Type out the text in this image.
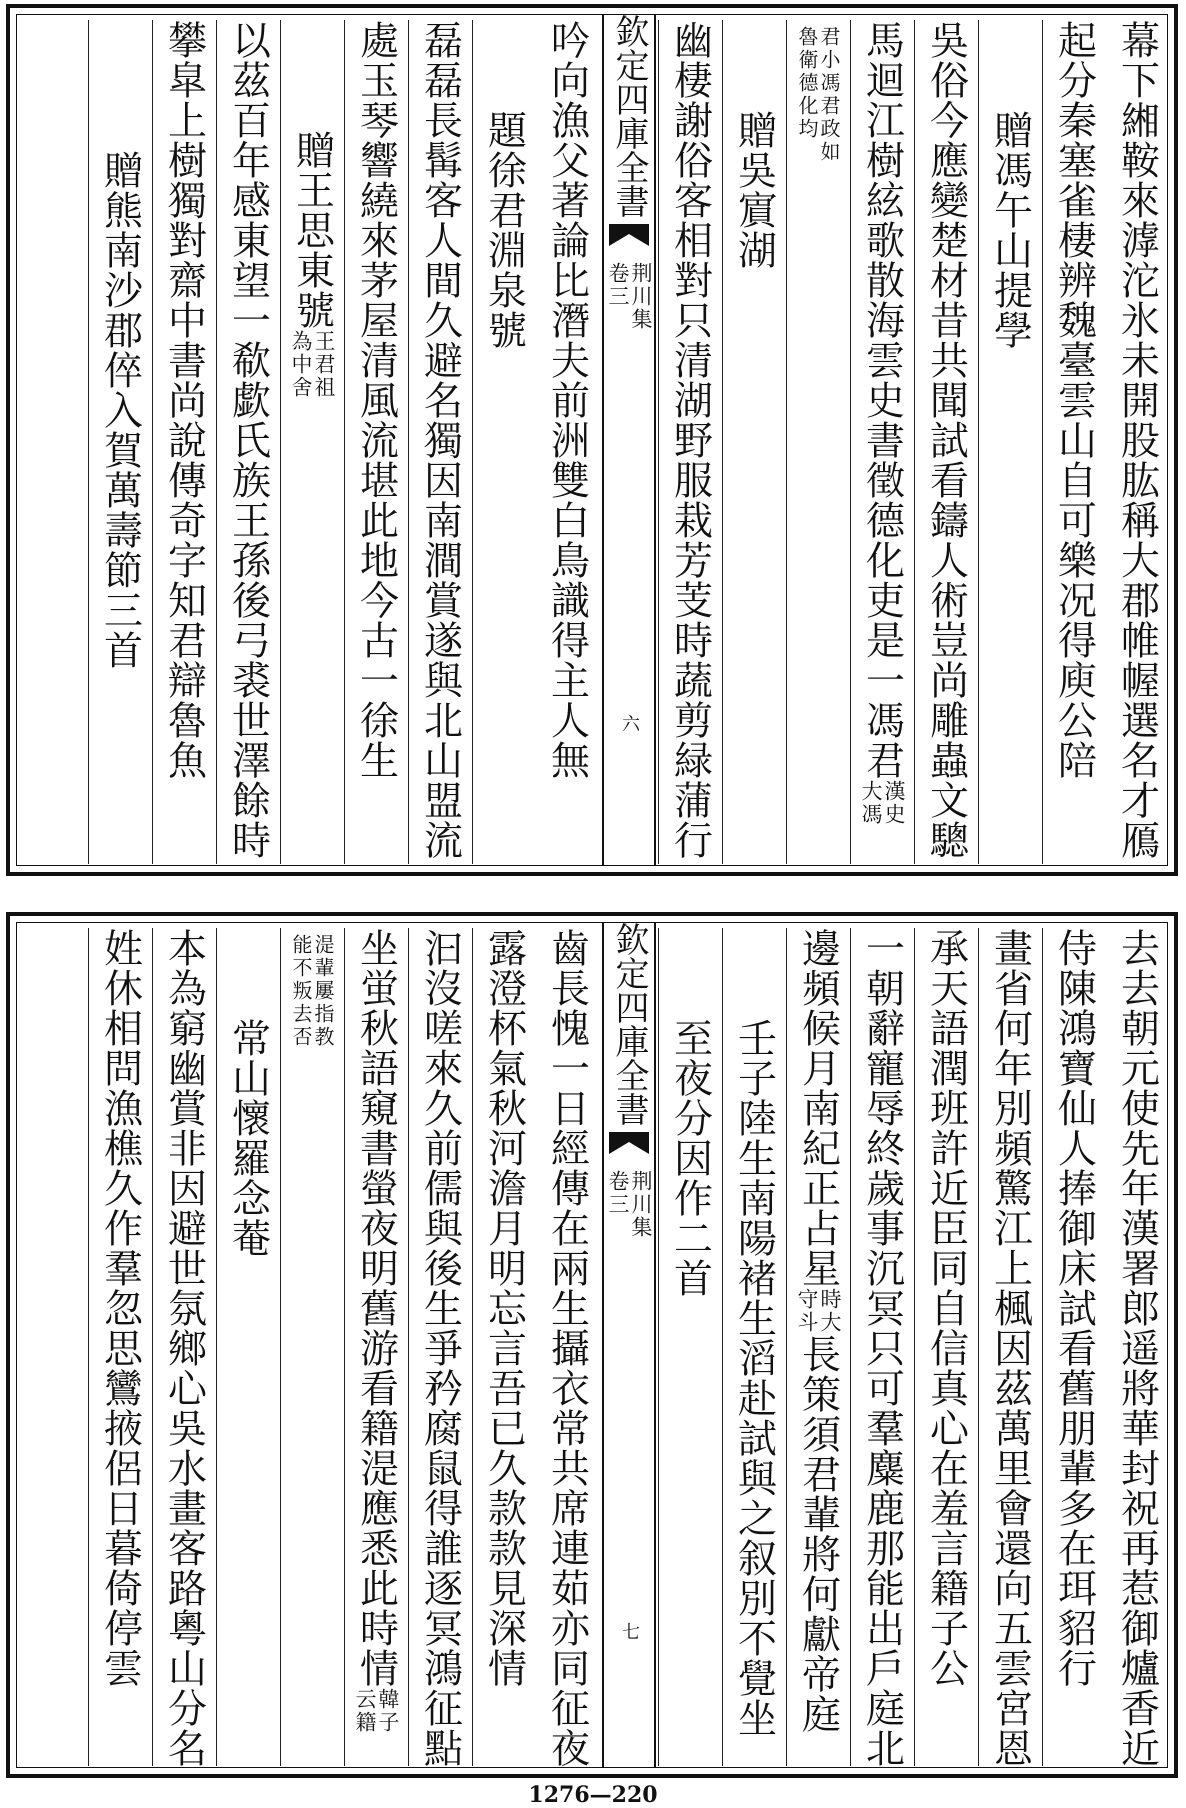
幕下緗鞍來滹沱氷未開股肱稱大郡帷幄選名才鴈
起分秦塞雀棲辨魏臺雲山自可樂况得庾公陪
贈馮午山提學
吳俗今應變楚材昔共聞試看鑄人術豈尚雕蟲文驄
馬迴江樹絃歌散海雲史書徵德化吏是一馮君
漢史
大馮
君小馮君政如
魯衛德化均
贈吳賔湖
幽棲謝俗客相對只清湖野服栽芳芰時蔬剪緑蒲行
欽定四庫全書
荆川集
卷三
六
吟向漁父著論比潛夫前洲雙白鳥識得主人無
題徐君淵泉號
磊磊長髯客人間久避名獨因南澗賞遂與北山盟流
處玉琴響繞來茅屋清風流堪此地今古一徐生
贈王思東號
王君祖
為中舍
以茲百年感東望一欷歔氏族王孫後弓裘世澤餘時
攀皐上樹獨對齋中書尚說傳奇字知君辯魯魚
贈熊南沙郡倅入賀萬壽節三首
去去朝元使先年漢署郎遥將華封祝再惹御爐香近
侍陳鴻寶仙人捧御床試看舊朋輩多在珥貂行
畫省何年別頻驚江上楓因茲萬里會還向五雲宮恩
承天語潤班許近臣同自信真心在羞言籍子公
一朝辭寵辱終歲事沉冥只可羣麋鹿那能出戶庭北
邊頻候月南紀正占星
時大
守斗
長策須君輩將何獻帝庭
壬子陸生南陽褚生滔赴試與之叙別不覺坐
至夜分因作二首
欽定四庫全書
荆川集
卷三
七
齒長愧一日經傳在兩生攝衣常共席連茹亦同征夜
露澄杯氣秋河澹月明忘言吾已久款款見深情
汩沒嗟來久前儒與後生爭矜腐鼠得誰逐冥鴻征點
坐蛍秋語窺書螢夜明舊游看籍湜應悉此時情
韓子
云籍
湜輩屢指教
能不叛去否
常山懷羅念菴
本為窮幽賞非因避世氛鄉心吳水畫客路粵山分名
姓休相問漁樵久作羣忽思鸞掖侶日暮倚停雲
1276—220
